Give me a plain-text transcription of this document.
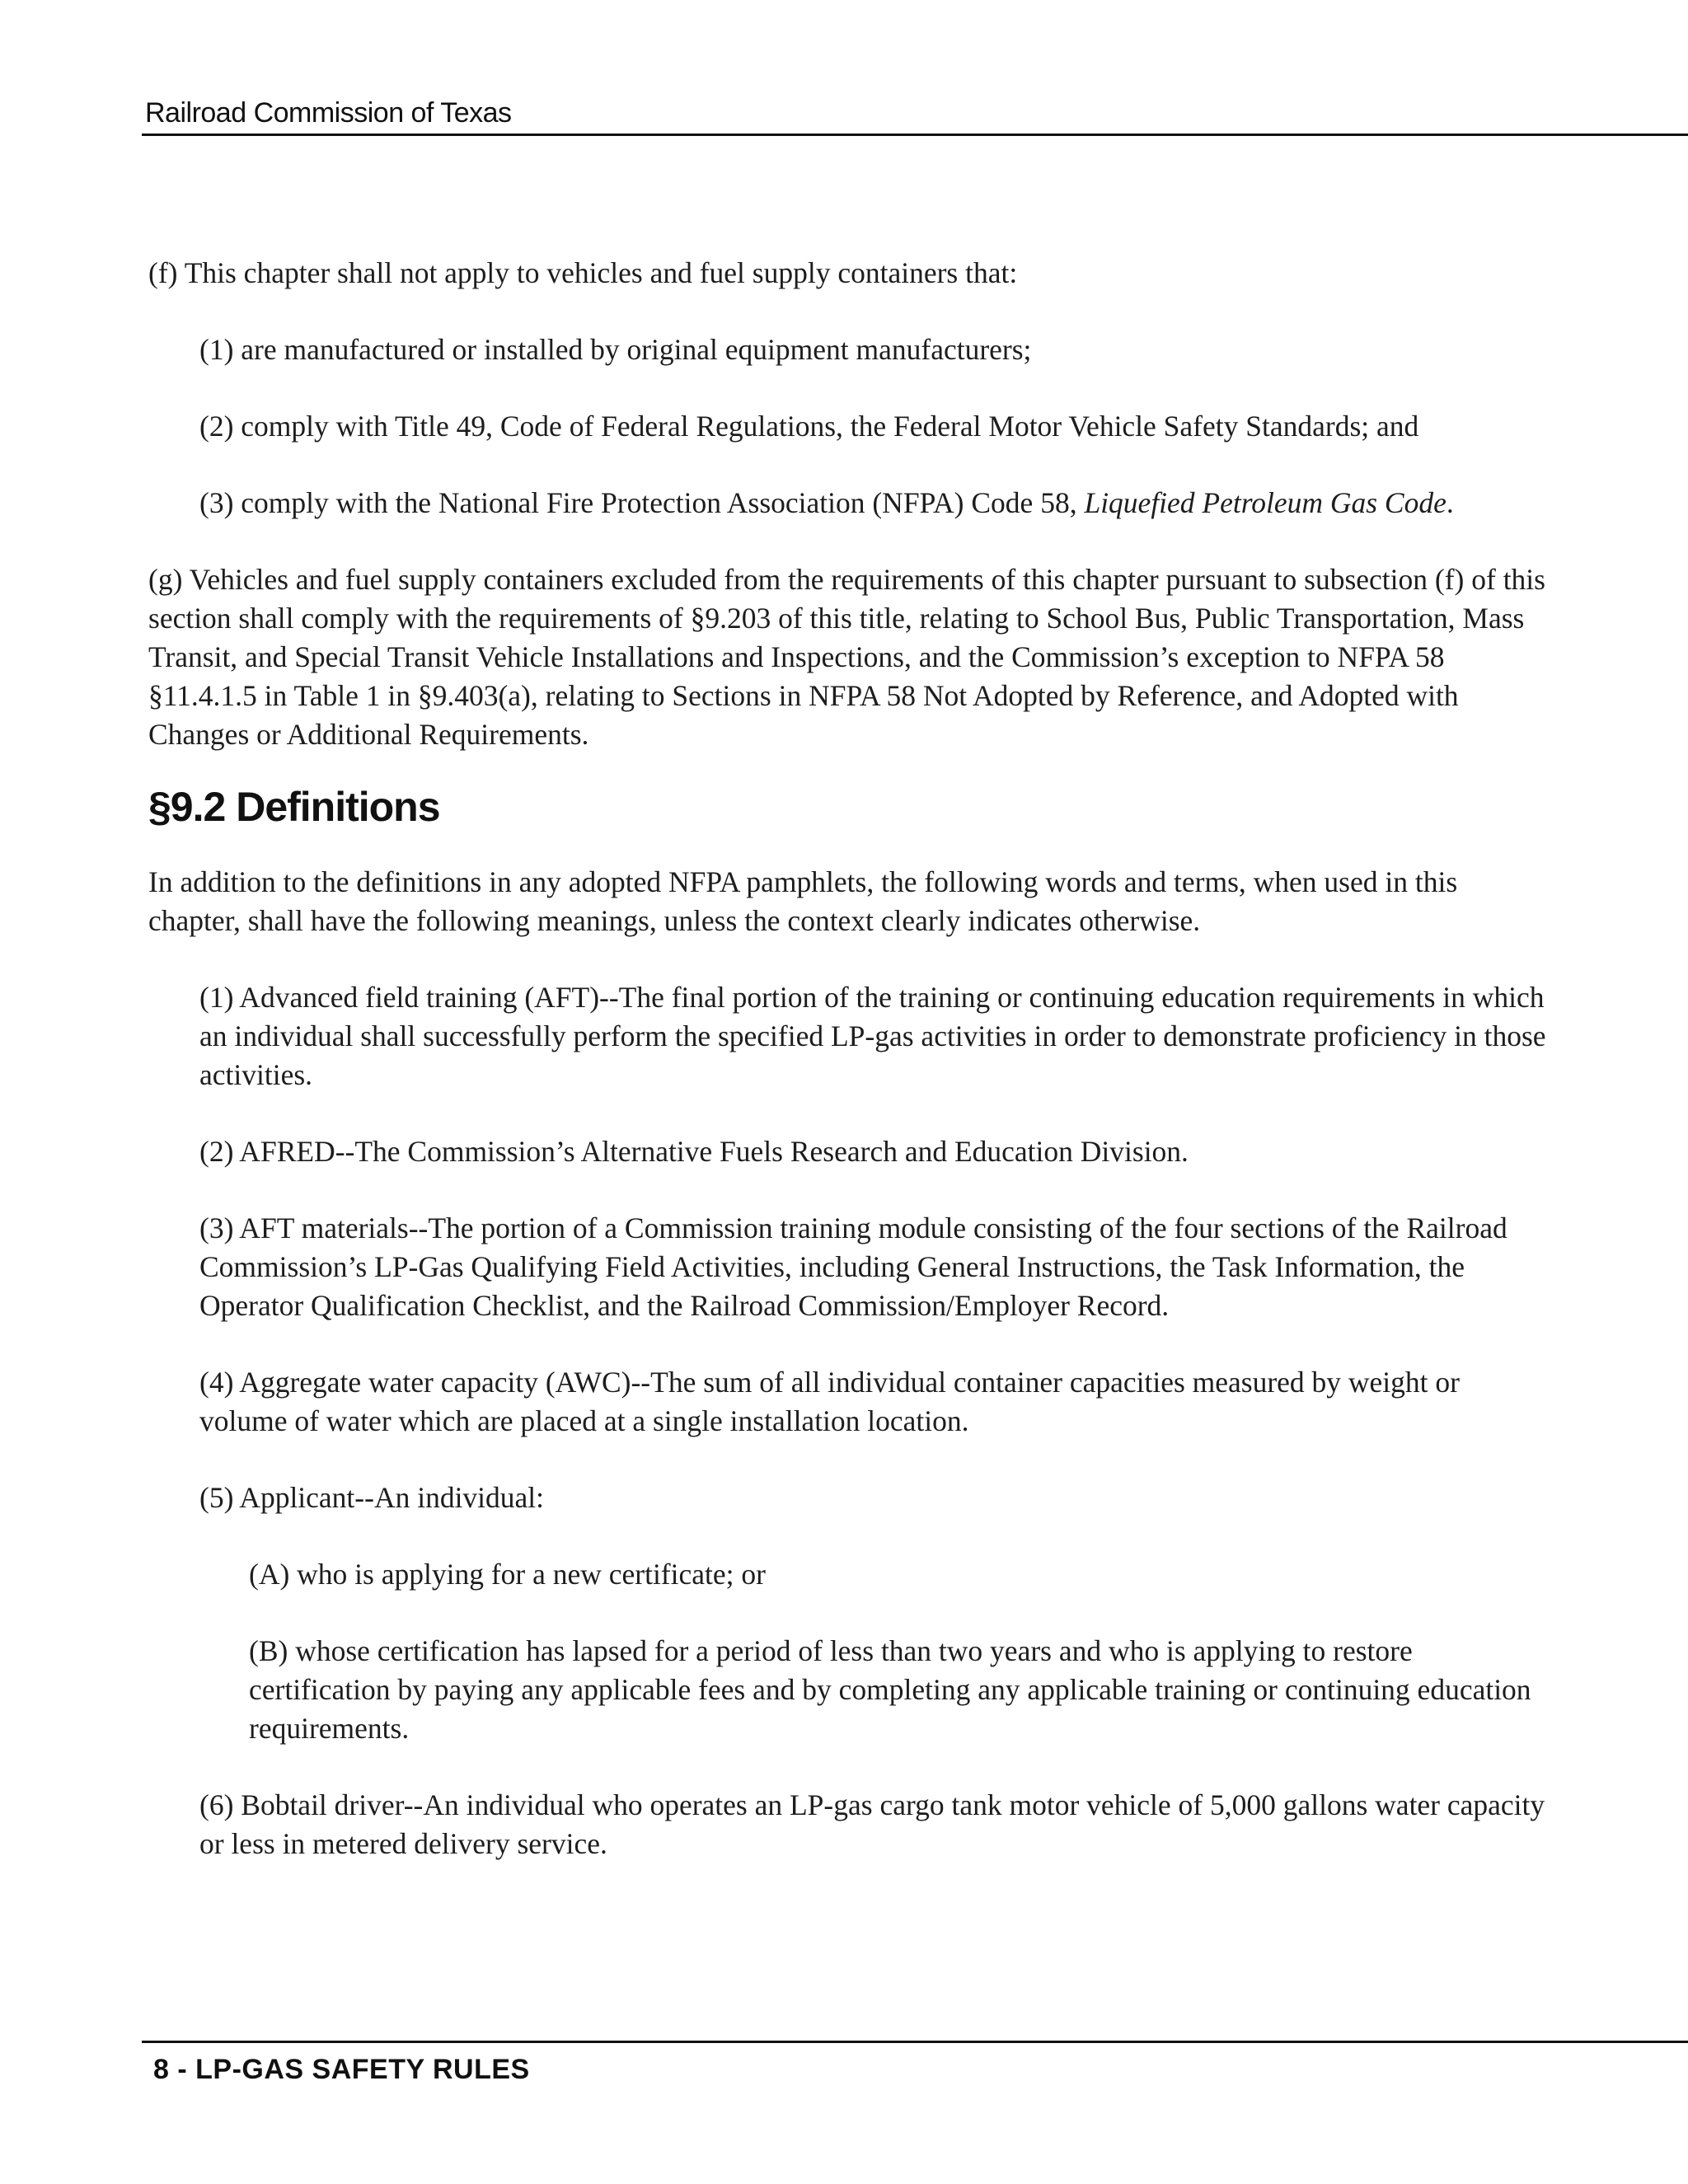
Railroad Commission of Texas

(f) This chapter shall not apply to vehicles and fuel supply containers that:

(1) are manufactured or installed by original equipment manufacturers;

(2) comply with Title 49, Code of Federal Regulations, the Federal Motor Vehicle Safety Standards; and

(3) comply with the National Fire Protection Association (NFPA) Code 58, Liquefied Petroleum Gas Code.

(g) Vehicles and fuel supply containers excluded from the requirements of this chapter pursuant to subsection (f) of this section shall comply with the requirements of §9.203 of this title, relating to School Bus, Public Transportation, Mass Transit, and Special Transit Vehicle Installations and Inspections, and the Commission’s exception to NFPA 58 §11.4.1.5 in Table 1 in §9.403(a), relating to Sections in NFPA 58 Not Adopted by Reference, and Adopted with Changes or Additional Requirements.

§9.2 Definitions

In addition to the definitions in any adopted NFPA pamphlets, the following words and terms, when used in this chapter, shall have the following meanings, unless the context clearly indicates otherwise.

(1) Advanced field training (AFT)--The final portion of the training or continuing education requirements in which an individual shall successfully perform the specified LP-gas activities in order to demonstrate proficiency in those activities.

(2) AFRED--The Commission’s Alternative Fuels Research and Education Division.

(3) AFT materials--The portion of a Commission training module consisting of the four sections of the Railroad Commission’s LP-Gas Qualifying Field Activities, including General Instructions, the Task Information, the Operator Qualification Checklist, and the Railroad Commission/Employer Record.

(4) Aggregate water capacity (AWC)--The sum of all individual container capacities measured by weight or volume of water which are placed at a single installation location.

(5) Applicant--An individual:

(A) who is applying for a new certificate; or

(B) whose certification has lapsed for a period of less than two years and who is applying to restore certification by paying any applicable fees and by completing any applicable training or continuing education requirements.

(6) Bobtail driver--An individual who operates an LP-gas cargo tank motor vehicle of 5,000 gallons water capacity or less in metered delivery service.

8 - LP-GAS SAFETY RULES
